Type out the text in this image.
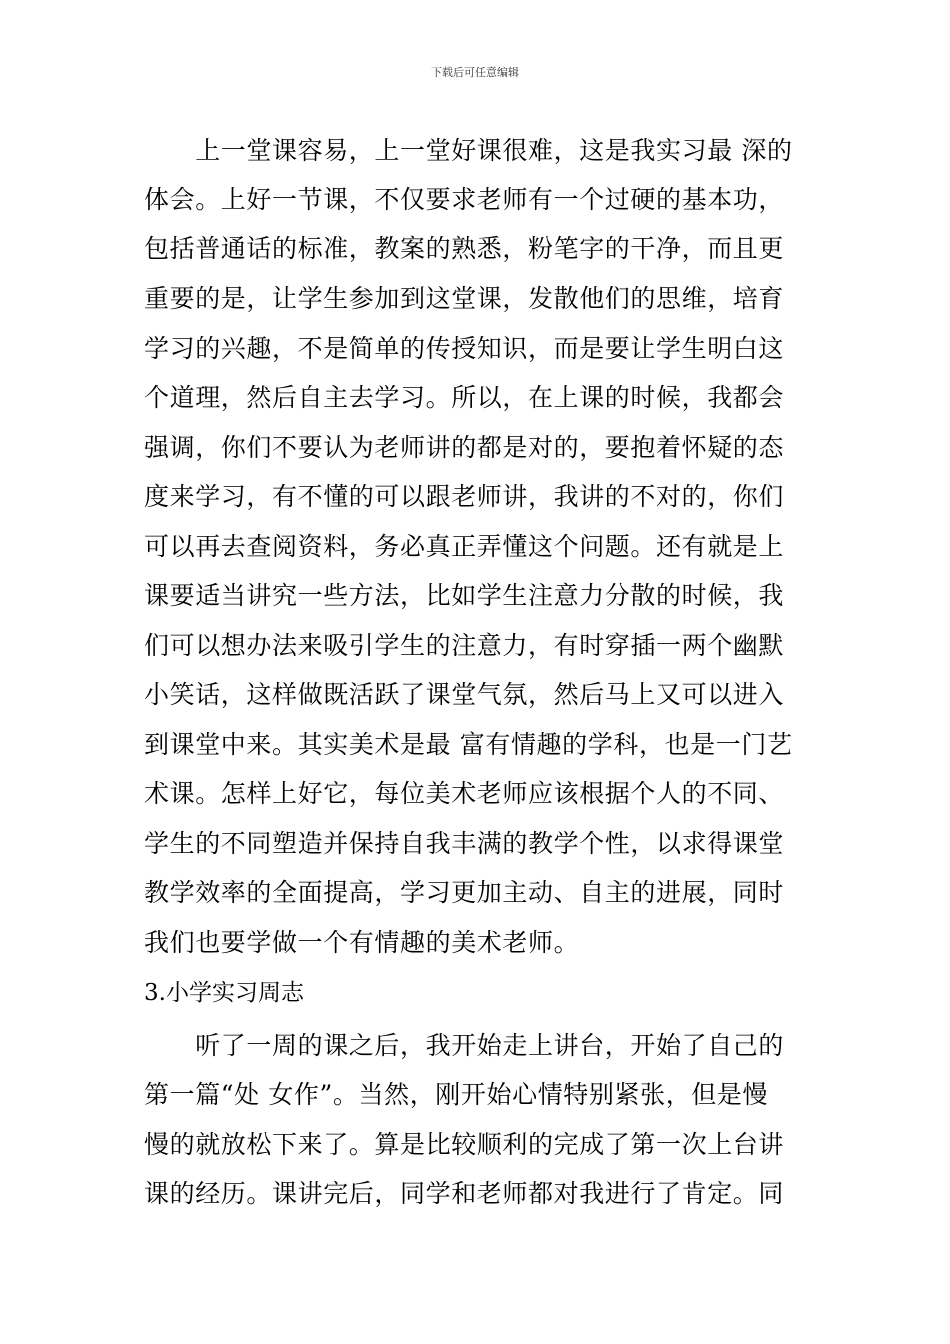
下载后可任意编辑
　　上一堂课容易，上一堂好课很难，这是我实习最 深的
体会。上好一节课，不仅要求老师有一个过硬的基本功，
包括普通话的标准，教案的熟悉，粉笔字的干净，而且更
重要的是，让学生参加到这堂课，发散他们的思维，培育
学习的兴趣，不是简单的传授知识，而是要让学生明白这
个道理，然后自主去学习。所以，在上课的时候，我都会
强调，你们不要认为老师讲的都是对的，要抱着怀疑的态
度来学习，有不懂的可以跟老师讲，我讲的不对的，你们
可以再去查阅资料，务必真正弄懂这个问题。还有就是上
课要适当讲究一些方法，比如学生注意力分散的时候，我
们可以想办法来吸引学生的注意力，有时穿插一两个幽默
小笑话，这样做既活跃了课堂气氛，然后马上又可以进入
到课堂中来。其实美术是最 富有情趣的学科，也是一门艺
术课。怎样上好它，每位美术老师应该根据个人的不同、
学生的不同塑造并保持自我丰满的教学个性，以求得课堂
教学效率的全面提高，学习更加主动、自主的进展，同时
我们也要学做一个有情趣的美术老师。
3.小学实习周志
　　听了一周的课之后，我开始走上讲台，开始了自己的
第一篇“处 女作”。当然，刚开始心情特别紧张，但是慢
慢的就放松下来了。算是比较顺利的完成了第一次上台讲
课的经历。课讲完后，同学和老师都对我进行了肯定。同
